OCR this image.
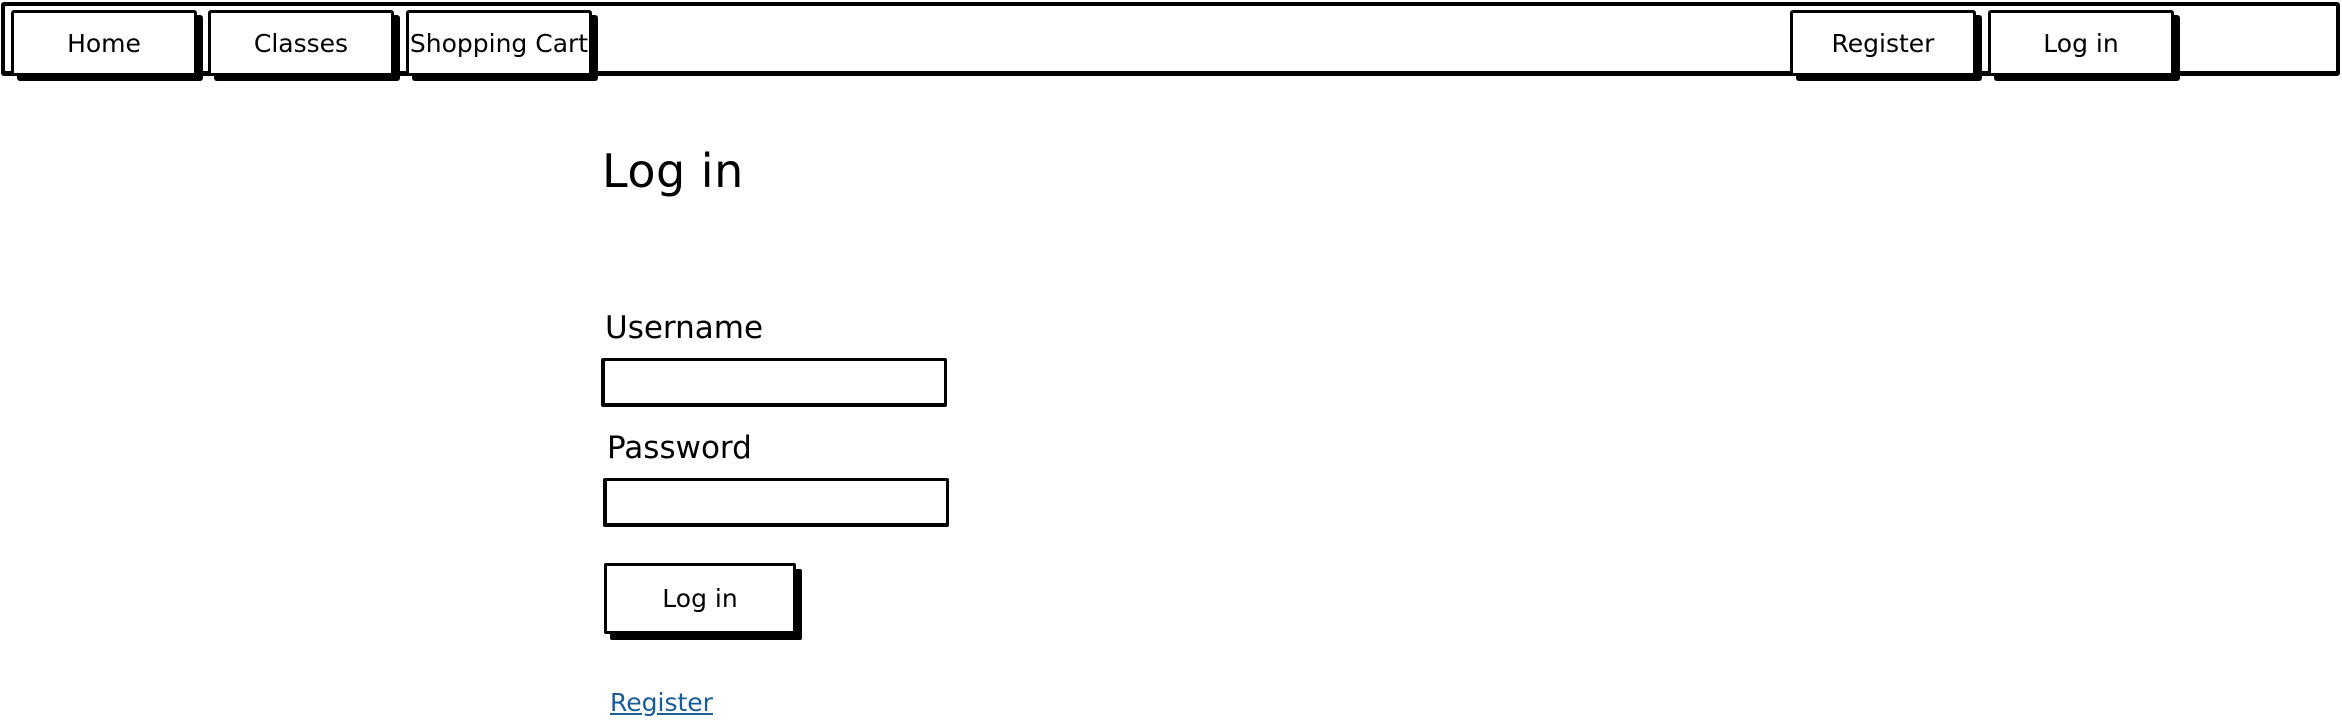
Home	Classes	Shopping Cart	Register	Log in
Log in
Username
Password
Log in
Register
